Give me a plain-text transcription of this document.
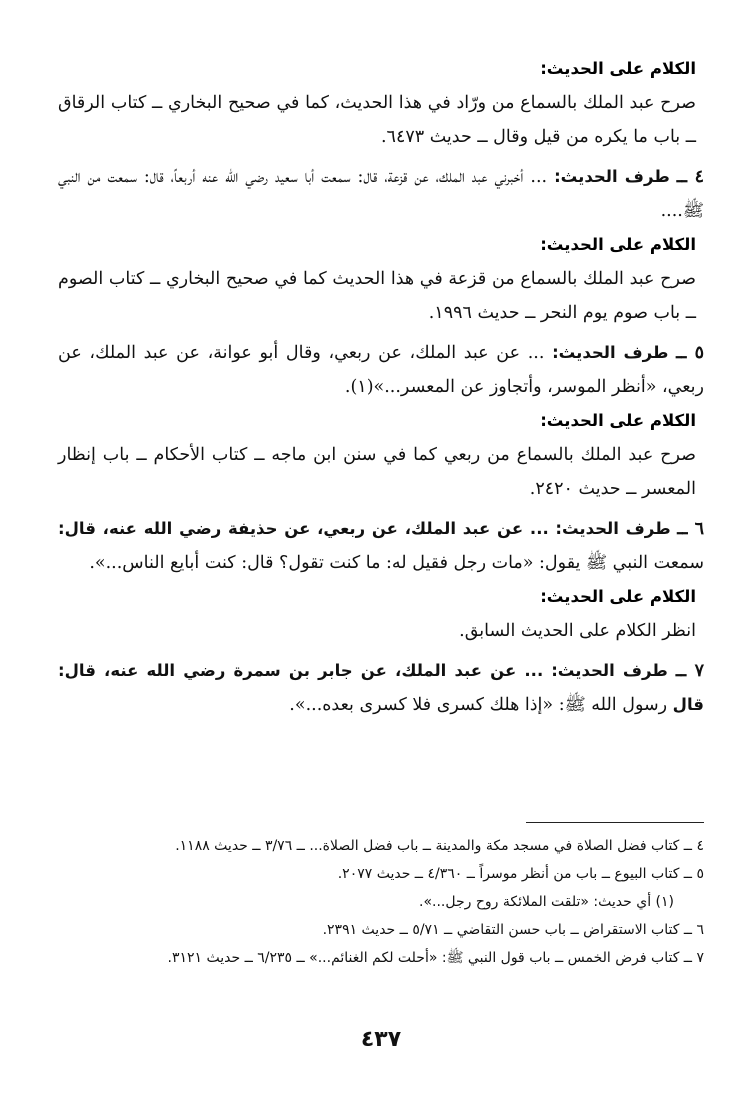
الكلام على الحديث:

صرح عبد الملك بالسماع من ورّاد في هذا الحديث، كما في صحيح البخاري ــ كتاب الرقاق ــ باب ما يكره من قيل وقال ــ حديث ٦٤٧٣.

٤ ــ طرف الحديث: ... أخبرني عبد الملك، عن قزعة، قال: سمعت أبا سعيد رضي الله عنه أربعاً، قال: سمعت من النبي ﷺ....

الكلام على الحديث:

صرح عبد الملك بالسماع من قزعة في هذا الحديث كما في صحيح البخاري ــ كتاب الصوم ــ باب صوم يوم النحر ــ حديث ١٩٩٦.

٥ ــ طرف الحديث: ... عن عبد الملك، عن ربعي، وقال أبو عوانة، عن عبد الملك، عن ربعي، «أنظر الموسر، وأتجاوز عن المعسر...»(١).

الكلام على الحديث:

صرح عبد الملك بالسماع من ربعي كما في سنن ابن ماجه ــ كتاب الأحكام ــ باب إنظار المعسر ــ حديث ٢٤٢٠.

٦ ــ طرف الحديث: ... عن عبد الملك، عن ربعي، عن حذيفة رضي الله عنه، قال: سمعت النبي ﷺ يقول: «مات رجل فقيل له: ما كنت تقول؟ قال: كنت أبايع الناس...».

الكلام على الحديث:

انظر الكلام على الحديث السابق.

٧ ــ طرف الحديث: ... عن عبد الملك، عن جابر بن سمرة رضي الله عنه، قال: قال رسول الله ﷺ: «إذا هلك كسرى فلا كسرى بعده...».

٤ ــ كتاب فضل الصلاة في مسجد مكة والمدينة ــ باب فضل الصلاة... ــ ٣/٧٦ ــ حديث ١١٨٨.

٥ ــ كتاب البيوع ــ باب من أنظر موسراً ــ ٤/٣٦٠ ــ حديث ٢٠٧٧.

(١) أي حديث: «تلقت الملائكة روح رجل...».

٦ ــ كتاب الاستقراض ــ باب حسن التقاضي ــ ٥/٧١ ــ حديث ٢٣٩١.

٧ ــ كتاب فرض الخمس ــ باب قول النبي ﷺ: «أحلت لكم الغنائم...» ــ ٦/٢٣٥ ــ حديث ٣١٢١.

٤٣٧
